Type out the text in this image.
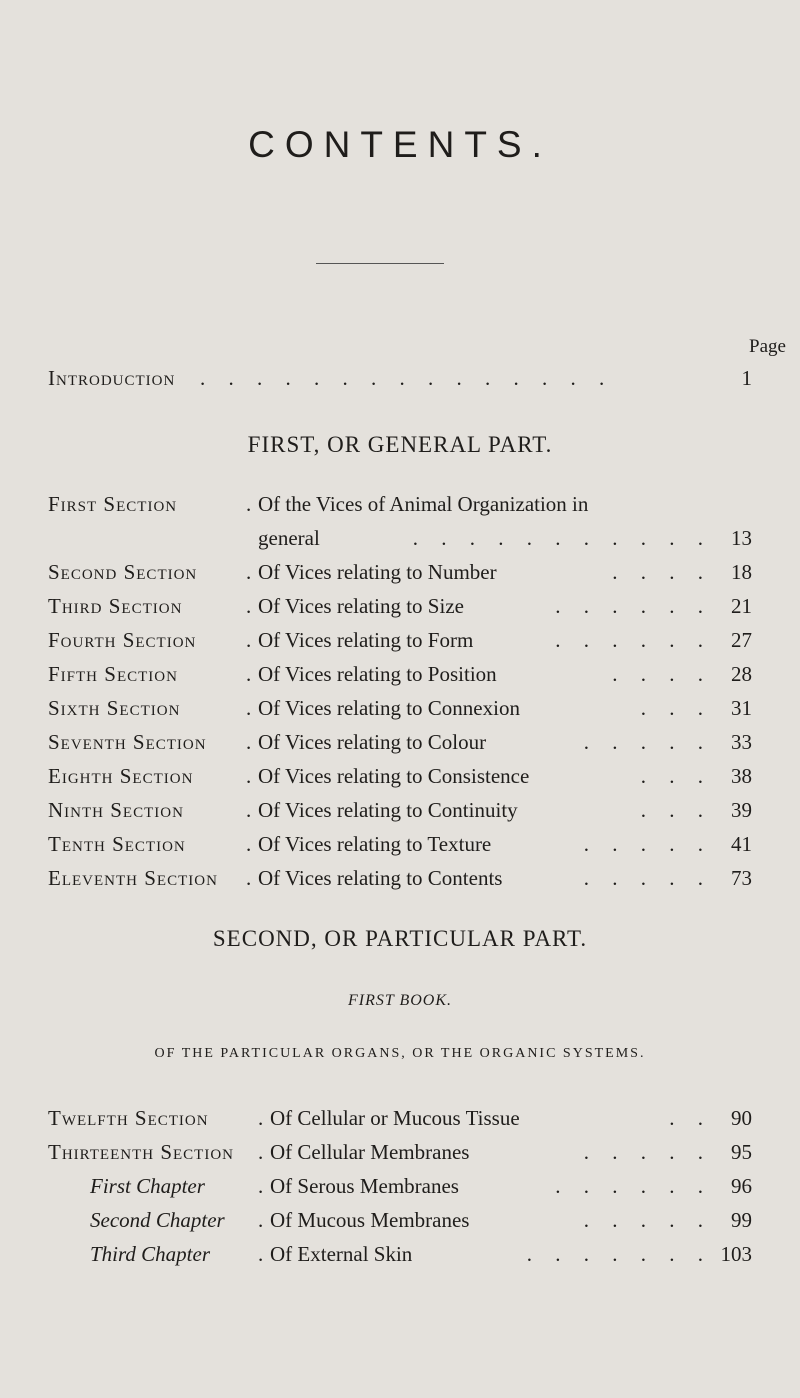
CONTENTS.
Page
Introduction . . . . . . . . . . . . . . .	1
FIRST, OR GENERAL PART.
First Section	. Of the Vices of Animal Organization in
general	. . . . . . . . . . . 13
Second Section . Of Vices relating to Number	. . . . 18
Third Section	. Of Vices relating to Size	. . . . . . 21
Fourth Section . Of Vices relating to Form	. . . . . . 27
Fifth Section	. Of Vices relating to Position	. . . . 28
Sixth Section	. Of Vices relating to Connexion	. . . 31
Seventh Section . Of Vices relating to Colour	. . . . . 33
Eighth Section	. Of Vices relating to Consistence	. . . 38
Ninth Section	. Of Vices relating to Continuity	. . . 39
Tenth Section	. Of Vices relating to Texture	. . . . . 41
Eleventh Section . Of Vices relating to Contents	. . . . . 73
SECOND, OR PARTICULAR PART.
FIRST BOOK.
OF THE PARTICULAR ORGANS, OR THE ORGANIC SYSTEMS.
Twelfth Section . Of Cellular or Mucous Tissue	. . 90
Thirteenth Section . Of Cellular Membranes	. . . . . 95
First Chapter	. Of Serous Membranes	. . . . . . 96
Second Chapter . Of Mucous Membranes	. . . . . 99
Third Chapter . Of External Skin	. . . . . . . 103
